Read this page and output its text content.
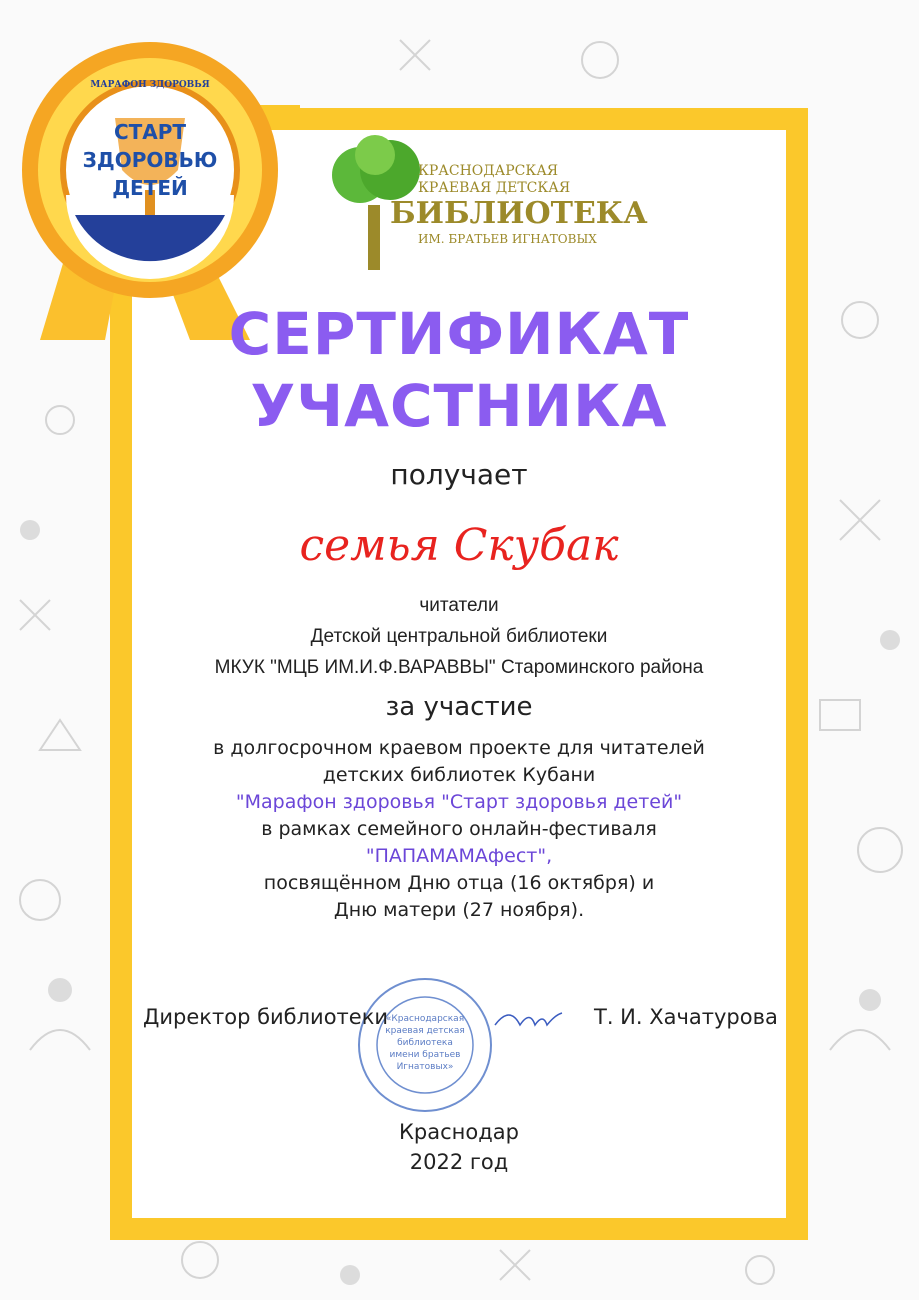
МАРАФОН ЗДОРОВЬЯ
СТАРТ
ЗДОРОВЬЮ
ДЕТЕЙ
КРАСНОДАРСКАЯ
КРАЕВАЯ ДЕТСКАЯ
БИБЛИОТЕКА
ИМ. БРАТЬЕВ ИГНАТОВЫХ
СЕРТИФИКАТ
УЧАСТНИКА
получает
семья Скубак
читатели
Детской центральной библиотеки
МКУК "МЦБ ИМ.И.Ф.ВАРАВВЫ" Староминского района
за участие
в долгосрочном краевом проекте для читателей
детских библиотек Кубани
"Марафон здоровья "Старт здоровья детей"
в рамках семейного онлайн-фестиваля
"ПАПАМАМАфест",
посвящённом Дню отца (16 октября) и
Дню матери (27 ноября).
«Краснодарская
краевая детская
библиотека
имени братьев
Игнатовых»
Директор библиотеки	Т. И. Хачатурова
Краснодар
2022 год
